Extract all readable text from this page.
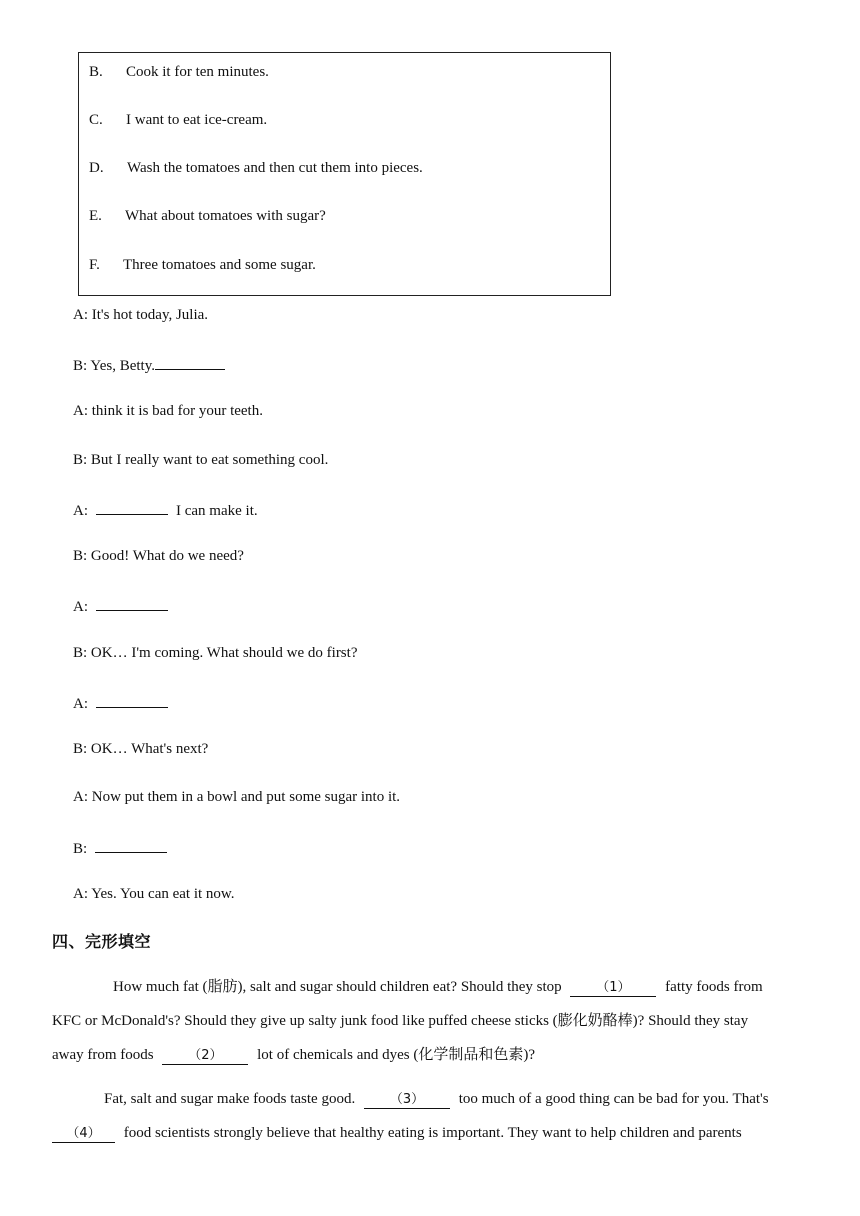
B. Cook it for ten minutes.
C. I want to eat ice-cream.
D. Wash the tomatoes and then cut them into pieces.
E. What about tomatoes with sugar?
F. Three tomatoes and some sugar.
A: It's hot today, Julia.
B: Yes, Betty.
A: think it is bad for your teeth.
B: But I really want to eat something cool.
A:	I can make it.
B: Good! What do we need?
A:
B: OK… I'm coming. What should we do first?
A:
B: OK… What's next?
A: Now put them in a bowl and put some sugar into it.
B:
A: Yes. You can eat it now.
四、完形填空
How much fat (脂肪), salt and sugar should children eat? Should they stop	（1） fatty foods from
KFC or McDonald's? Should they give up salty junk food like puffed cheese sticks (膨化奶酪棒)? Should they stay
away from foods	（2） lot of chemicals and dyes (化学制品和色素)?
Fat, salt and sugar make foods taste good.	（3） too much of a good thing can be bad for you. That's
（4） food scientists strongly believe that healthy eating is important. They want to help children and parents
